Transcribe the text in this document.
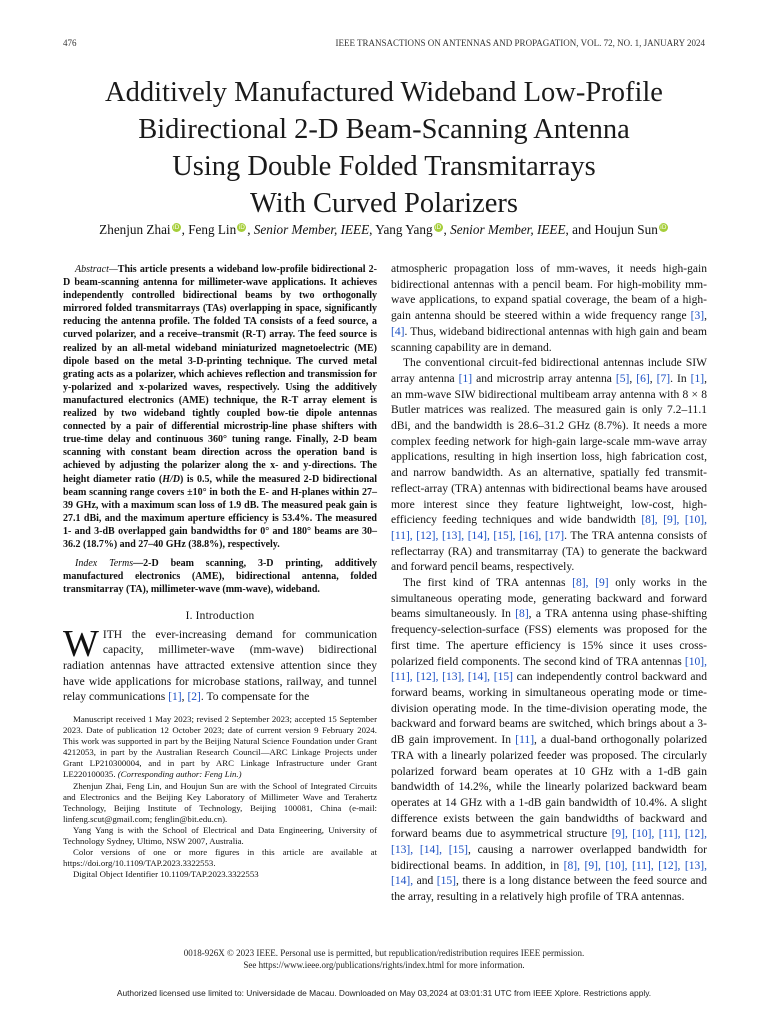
476	IEEE TRANSACTIONS ON ANTENNAS AND PROPAGATION, VOL. 72, NO. 1, JANUARY 2024
Additively Manufactured Wideband Low-Profile
Bidirectional 2-D Beam-Scanning Antenna
Using Double Folded Transmitarrays
With Curved Polarizers
Zhenjun Zhai iD , Feng Lin iD , Senior Member, IEEE, Yang Yang iD , Senior Member, IEEE, and Houjun Sun iD

Abstract—This article presents a wideband low-profile bidirectional 2-D beam-scanning antenna for millimeter-wave applications. It achieves independently controlled bidirectional beams by two orthogonally mirrored folded transmitarrays (TAs) overlapping in space, significantly reducing the antenna profile. The folded TA consists of a feed source, a curved polarizer, and a receive–transmit (R-T) array. The feed source is realized by an all-metal wideband miniaturized magnetoelectric (ME) dipole based on the metal 3-D-printing technique. The curved metal grating acts as a polarizer, which achieves reflection and transmission for y-polarized and x-polarized waves, respectively. Using the additively manufactured electronics (AME) technique, the R-T array element is realized by two wideband tightly coupled bow-tie dipole antennas connected by a pair of differential microstrip-line phase shifters with true-time delay and continuous 360° tuning range. Finally, 2-D beam scanning with constant beam direction across the operation band is achieved by adjusting the polarizer along the x- and y-directions. The height diameter ratio (H/D) is 0.5, while the measured 2-D bidirectional beam scanning range covers ±10° in both the E- and H-planes within 27–39 GHz, with a maximum scan loss of 1.9 dB. The measured peak gain is 27.1 dBi, and the maximum aperture efficiency is 53.4%. The measured 1- and 3-dB overlapped gain bandwidths for 0° and 180° beams are 30–36.2 (18.7%) and 27–40 GHz (38.8%), respectively.

Index Terms—2-D beam scanning, 3-D printing, additively manufactured electronics (AME), bidirectional antenna, folded transmitarray (TA), millimeter-wave (mm-wave), wideband.

I. Introduction

WITH the ever-increasing demand for communication capacity, millimeter-wave (mm-wave) bidirectional radiation antennas have attracted extensive attention since they have wide applications for microbase stations, railway, and tunnel relay communications [1], [2]. To compensate for the

Manuscript received 1 May 2023; revised 2 September 2023; accepted 15 September 2023. Date of publication 12 October 2023; date of current version 9 February 2024. This work was supported in part by the Beijing Natural Science Foundation under Grant 4212053, in part by the Australian Research Council—ARC Linkage Projects under Grant LP210300004, and in part by ARC Linkage Infrastructure under Grant LE220100035. (Corresponding author: Feng Lin.)

Zhenjun Zhai, Feng Lin, and Houjun Sun are with the School of Integrated Circuits and Electronics and the Beijing Key Laboratory of Millimeter Wave and Terahertz Technology, Beijing Institute of Technology, Beijing 100081, China (e-mail: linfeng.scut@gmail.com; fenglin@bit.edu.cn).

Yang Yang is with the School of Electrical and Data Engineering, University of Technology Sydney, Ultimo, NSW 2007, Australia.

Color versions of one or more figures in this article are available at https://doi.org/10.1109/TAP.2023.3322553.

Digital Object Identifier 10.1109/TAP.2023.3322553

atmospheric propagation loss of mm-waves, it needs high-gain bidirectional antennas with a pencil beam. For high-mobility mm-wave applications, to expand spatial coverage, the beam of a high-gain antenna should be steered within a wide frequency range [3], [4]. Thus, wideband bidirectional antennas with high gain and beam scanning capability are in demand.

The conventional circuit-fed bidirectional antennas include SIW array antenna [1] and microstrip array antenna [5], [6], [7]. In [1], an mm-wave SIW bidirectional multibeam array antenna with 8 × 8 Butler matrices was realized. The measured gain is only 7.2–11.1 dBi, and the bandwidth is 28.6–31.2 GHz (8.7%). It needs a more complex feeding network for high-gain large-scale mm-wave array applications, resulting in high insertion loss, high fabrication cost, and narrow bandwidth. As an alternative, spatially fed transmit-reflect-array (TRA) antennas with bidirectional beams have aroused more interest since they feature lightweight, low-cost, high-efficiency feeding techniques and wide bandwidth [8], [9], [10], [11], [12], [13], [14], [15], [16], [17]. The TRA antenna consists of reflectarray (RA) and transmitarray (TA) to generate the backward and forward pencil beams, respectively.

The first kind of TRA antennas [8], [9] only works in the simultaneous operating mode, generating backward and forward beams simultaneously. In [8], a TRA antenna using phase-shifting frequency-selection-surface (FSS) elements was proposed for the first time. The aperture efficiency is 15% since it uses cross-polarized field components. The second kind of TRA antennas [10], [11], [12], [13], [14], [15] can independently control backward and forward beams, working in simultaneous operating mode or time-division operating mode. In the time-division operating mode, the backward and forward beams are switched, which brings about a 3-dB gain improvement. In [11], a dual-band orthogonally polarized TRA with a linearly polarized feeder was proposed. The circularly polarized forward beam operates at 10 GHz with a 1-dB gain bandwidth of 14.2%, while the linearly polarized backward beam operates at 14 GHz with a 1-dB gain bandwidth of 10.4%. A slight difference exists between the gain bandwidths of backward and forward beams due to asymmetrical structure [9], [10], [11], [12], [13], [14], [15], causing a narrower overlapped bandwidth for bidirectional beams. In addition, in [8], [9], [10], [11], [12], [13], [14], and [15], there is a long distance between the feed source and the array, resulting in a relatively high profile of TRA antennas.

0018-926X © 2023 IEEE. Personal use is permitted, but republication/redistribution requires IEEE permission.
See https://www.ieee.org/publications/rights/index.html for more information.
Authorized licensed use limited to: Universidade de Macau. Downloaded on May 03,2024 at 03:01:31 UTC from IEEE Xplore. Restrictions apply.
